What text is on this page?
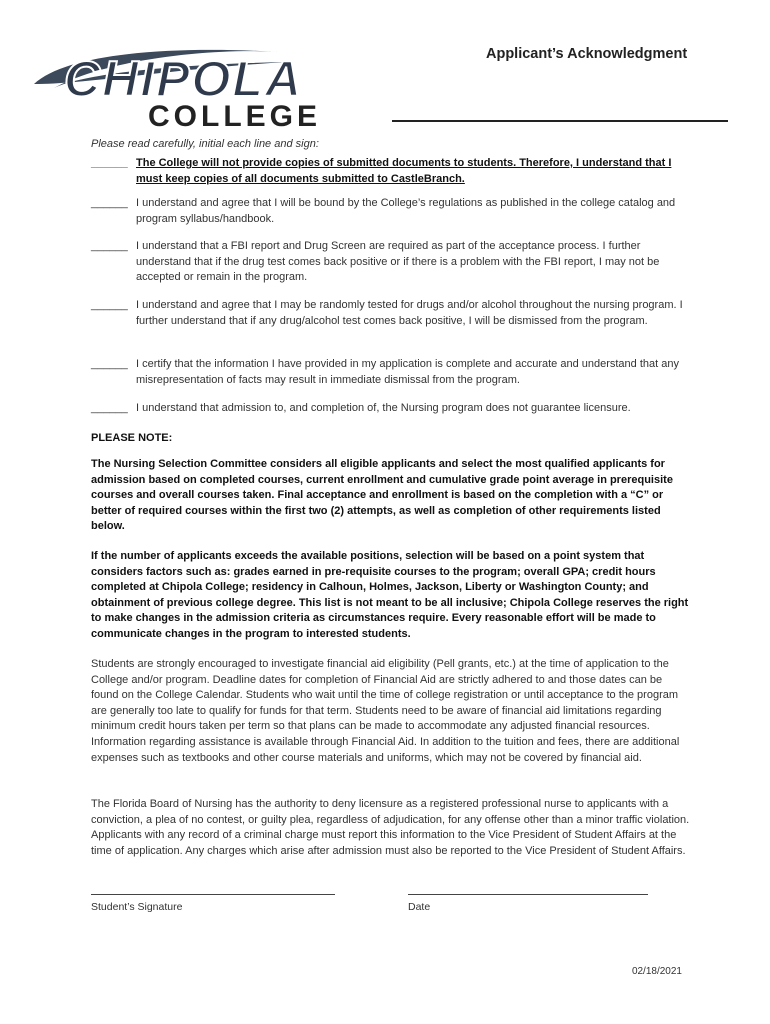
CHIPOLA
COLLEGE
Applicant’s Acknowledgment
Please read carefully, initial each line and sign:
______ The College will not provide copies of submitted documents to students. Therefore, I understand that I must keep copies of all documents submitted to CastleBranch.
______ I understand and agree that I will be bound by the College’s regulations as published in the college catalog and program syllabus/handbook.
______ I understand that a FBI report and Drug Screen are required as part of the acceptance process. I further understand that if the drug test comes back positive or if there is a problem with the FBI report, I may not be accepted or remain in the program.
______ I understand and agree that I may be randomly tested for drugs and/or alcohol throughout the nursing program. I further understand that if any drug/alcohol test comes back positive, I will be dismissed from the program.
______ I certify that the information I have provided in my application is complete and accurate and understand that any misrepresentation of facts may result in immediate dismissal from the program.
______ I understand that admission to, and completion of, the Nursing program does not guarantee licensure.
PLEASE NOTE:
The Nursing Selection Committee considers all eligible applicants and select the most qualified applicants for admission based on completed courses, current enrollment and cumulative grade point average in prerequisite courses and overall courses taken. Final acceptance and enrollment is based on the completion with a “C” or better of required courses within the first two (2) attempts, as well as completion of other requirements listed below.
If the number of applicants exceeds the available positions, selection will be based on a point system that considers factors such as: grades earned in pre-requisite courses to the program; overall GPA; credit hours completed at Chipola College; residency in Calhoun, Holmes, Jackson, Liberty or Washington County; and obtainment of previous college degree. This list is not meant to be all inclusive; Chipola College reserves the right to make changes in the admission criteria as circumstances require. Every reasonable effort will be made to communicate changes in the program to interested students.
Students are strongly encouraged to investigate financial aid eligibility (Pell grants, etc.) at the time of application to the College and/or program. Deadline dates for completion of Financial Aid are strictly adhered to and those dates can be found on the College Calendar. Students who wait until the time of college registration or until acceptance to the program are generally too late to qualify for funds for that term. Students need to be aware of financial aid limitations regarding minimum credit hours taken per term so that plans can be made to accommodate any adjusted financial resources. Information regarding assistance is available through Financial Aid. In addition to the tuition and fees, there are additional expenses such as textbooks and other course materials and uniforms, which may not be covered by financial aid.
The Florida Board of Nursing has the authority to deny licensure as a registered professional nurse to applicants with a conviction, a plea of no contest, or guilty plea, regardless of adjudication, for any offense other than a minor traffic violation. Applicants with any record of a criminal charge must report this information to the Vice President of Student Affairs at the time of application. Any charges which arise after admission must also be reported to the Vice President of Student Affairs.
Student’s Signature	Date
02/18/2021
